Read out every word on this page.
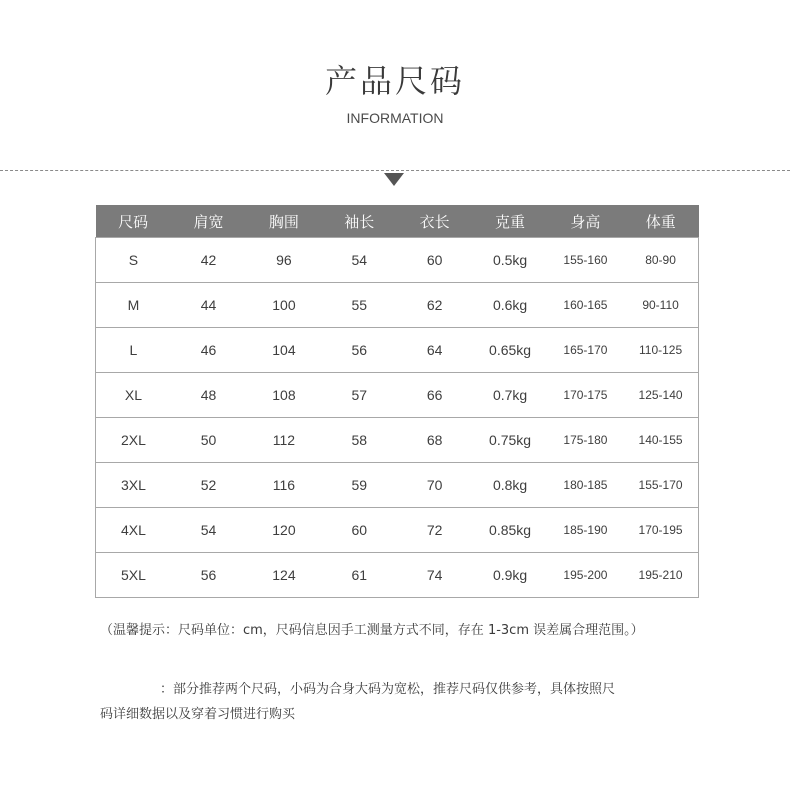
产品尺码
INFORMATION
尺码	肩宽	胸围	袖长	衣长	克重	身高	体重
S	42	96	54	60	0.5kg	155-160	80-90
M	44	100	55	62	0.6kg	160-165	90-110
L	46	104	56	64	0.65kg	165-170	110-125
XL	48	108	57	66	0.7kg	170-175	125-140
2XL	50	112	58	68	0.75kg	175-180	140-155
3XL	52	116	59	70	0.8kg	180-185	155-170
4XL	54	120	60	72	0.85kg	185-190	170-195
5XL	56	124	61	74	0.9kg	195-200	195-210
（温馨提示：尺码单位：cm，尺码信息因手工测量方式不同，存在 1-3cm 误差属合理范围。）
：部分推荐两个尺码，小码为合身大码为宽松，推荐尺码仅供参考，具体按照尺
码详细数据以及穿着习惯进行购买
